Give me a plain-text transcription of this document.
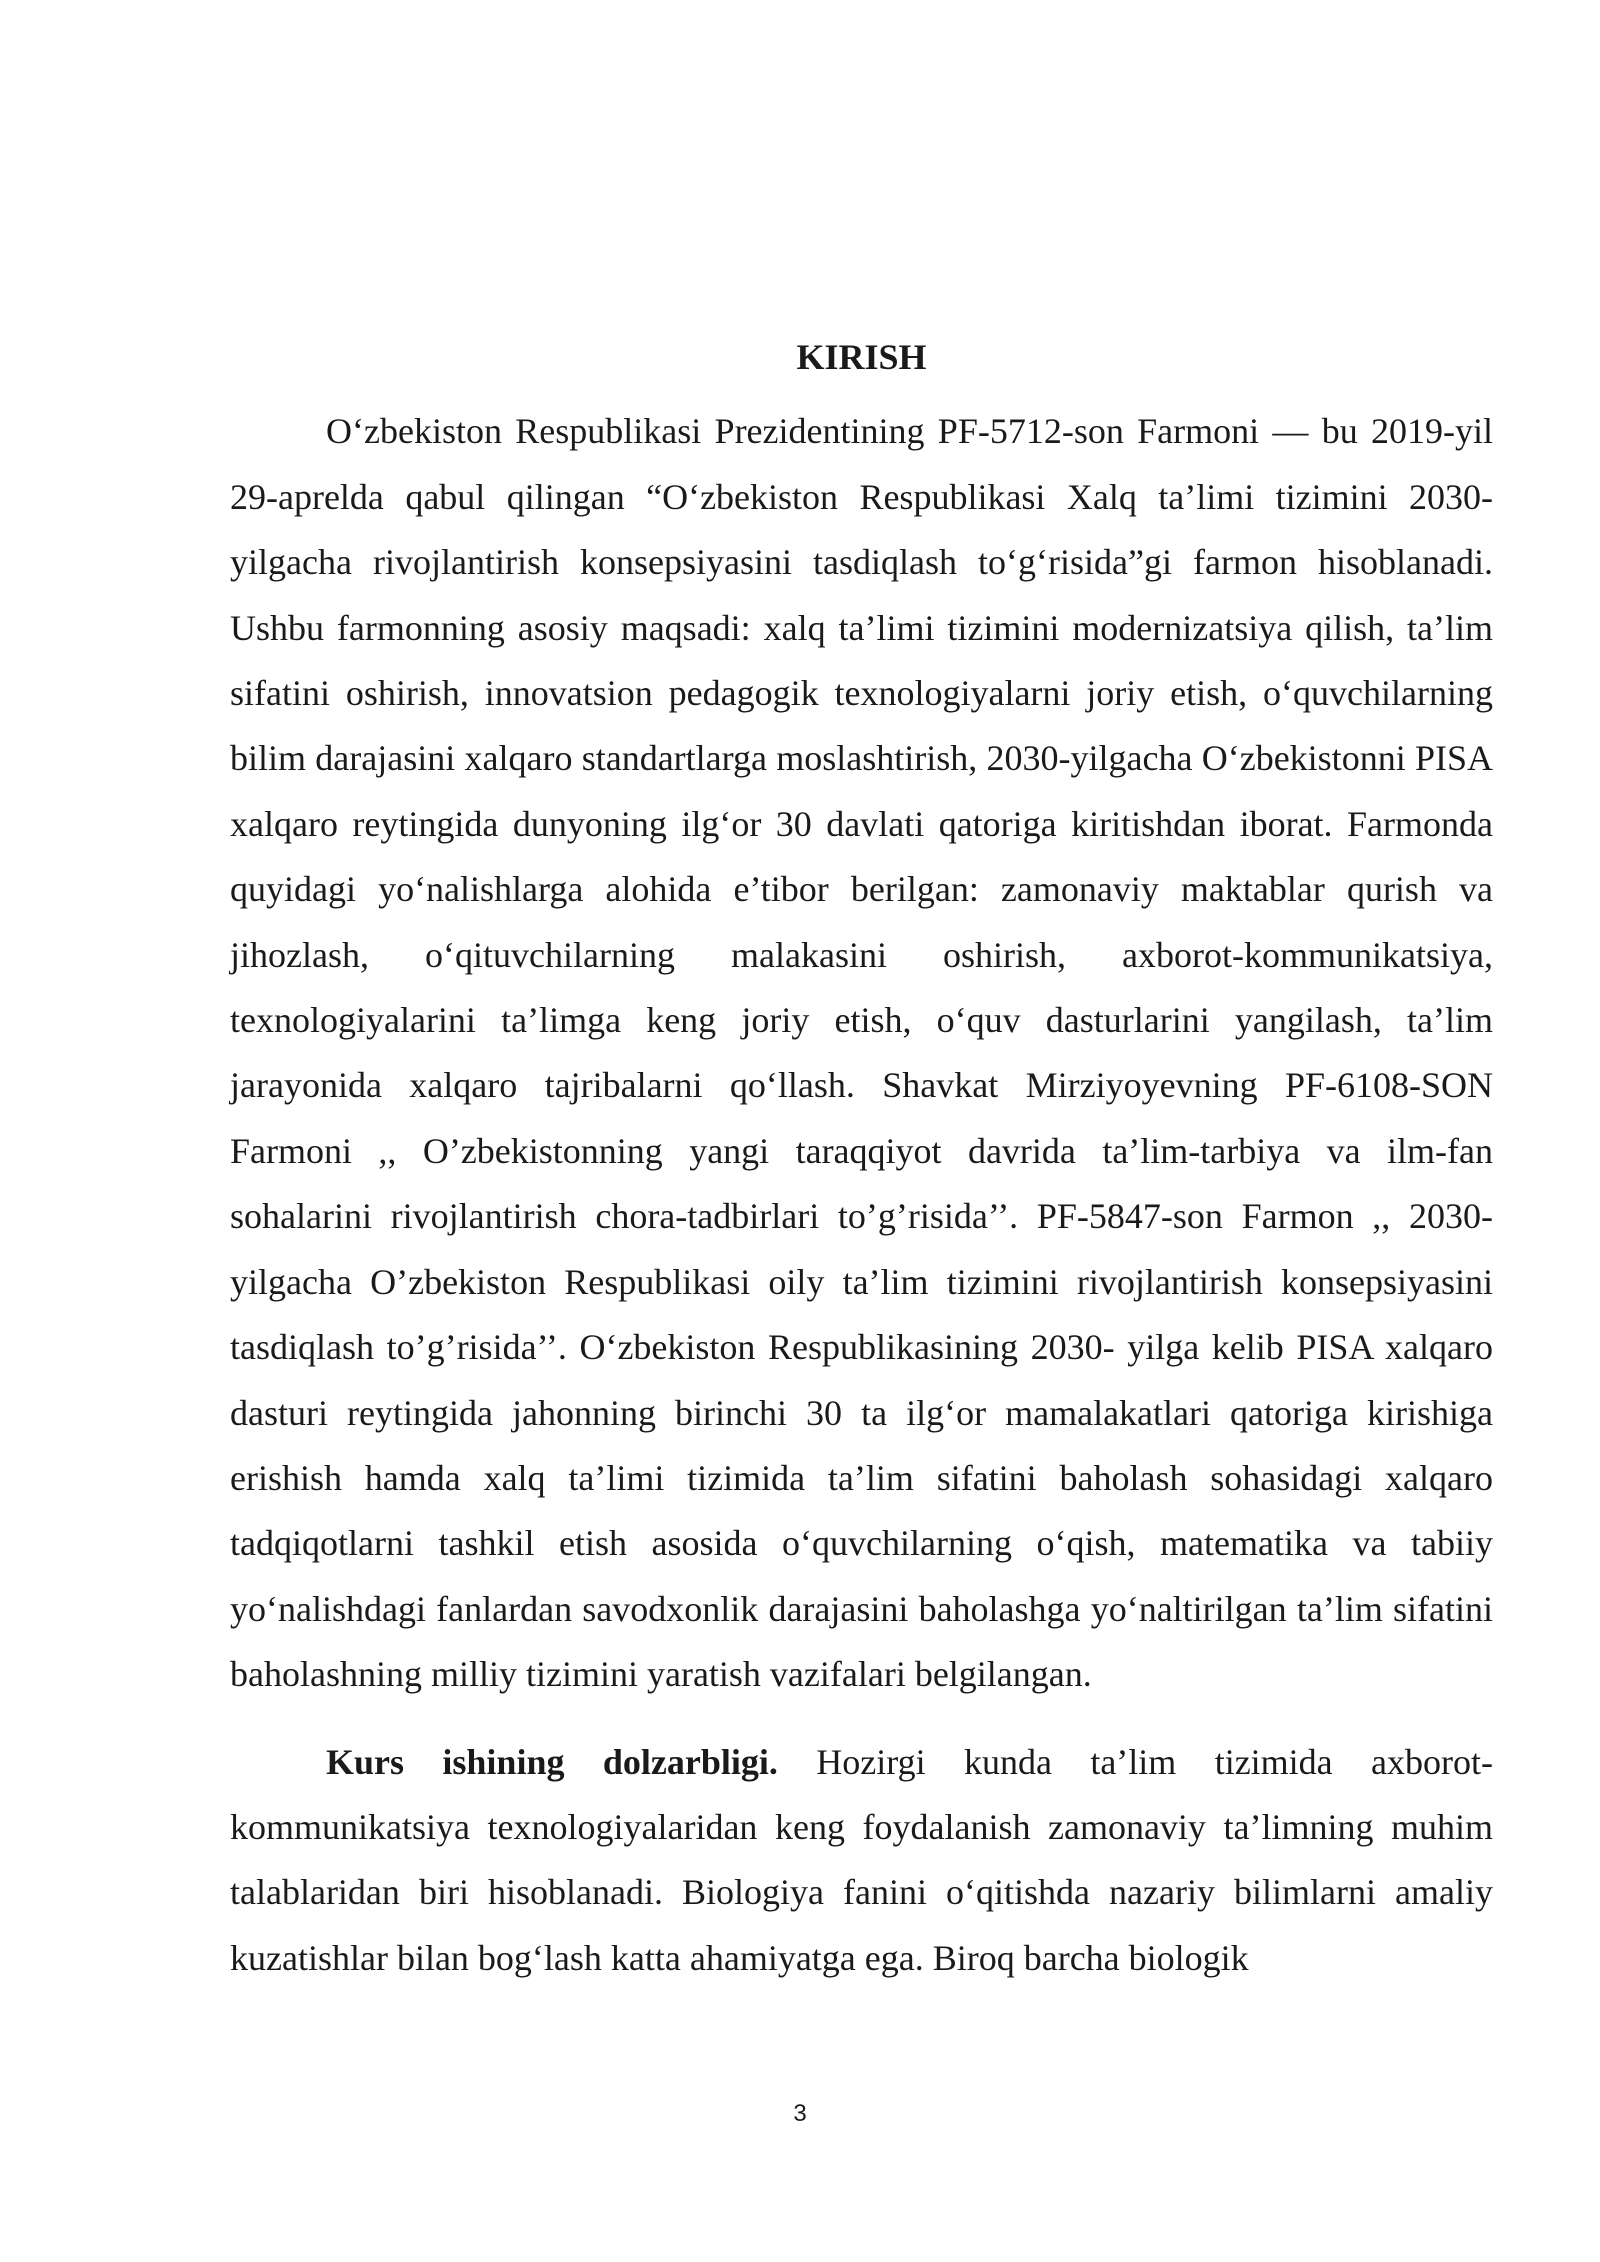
KIRISH

O‘zbekiston Respublikasi Prezidentining PF-5712-son Farmoni — bu 2019-yil 29-aprelda qabul qilingan “O‘zbekiston Respublikasi Xalq ta’limi tizimini 2030-yilgacha rivojlantirish konsepsiyasini tasdiqlash to‘g‘risida”gi farmon hisoblanadi. Ushbu farmonning asosiy maqsadi: xalq ta’limi tizimini modernizatsiya qilish, ta’lim sifatini oshirish, innovatsion pedagogik texnologiyalarni joriy etish, o‘quvchilarning bilim darajasini xalqaro standartlarga moslashtirish, 2030-yilgacha O‘zbekistonni PISA xalqaro reytingida dunyoning ilg‘or 30 davlati qatoriga kiritishdan iborat. Farmonda quyidagi yo‘nalishlarga alohida e’tibor berilgan: zamonaviy maktablar qurish va jihozlash, o‘qituvchilarning malakasini oshirish, axborot-kommunikatsiya, texnologiyalarini ta’limga keng joriy etish, o‘quv dasturlarini yangilash, ta’lim jarayonida xalqaro tajribalarni qo‘llash. Shavkat Mirziyoyevning PF-6108-SON Farmoni ,, O’zbekistonning yangi taraqqiyot davrida ta’lim-tarbiya va ilm-fan sohalarini rivojlantirish chora-tadbirlari to’g’risida’’. PF-5847-son Farmon ,, 2030- yilgacha O’zbekiston Respublikasi oily ta’lim tizimini rivojlantirish konsepsiyasini tasdiqlash to’g’risida’’. O‘zbekiston Respublikasining 2030- yilga kelib PISA xalqaro dasturi reytingida jahonning birinchi 30 ta ilg‘or mamalakatlari qatoriga kirishiga erishish hamda xalq ta’limi tizimida ta’lim sifatini baholash sohasidagi xalqaro tadqiqotlarni tashkil etish asosida o‘quvchilarning o‘qish, matematika va tabiiy yo‘nalishdagi fanlardan savodxonlik darajasini baholashga yo‘naltirilgan ta’lim sifatini baholashning milliy tizimini yaratish vazifalari belgilangan.

Kurs ishining dolzarbligi. Hozirgi kunda ta’lim tizimida axborot-kommunikatsiya texnologiyalaridan keng foydalanish zamonaviy ta’limning muhim talablaridan biri hisoblanadi. Biologiya fanini o‘qitishda nazariy bilimlarni amaliy kuzatishlar bilan bog‘lash katta ahamiyatga ega. Biroq barcha biologik

3
